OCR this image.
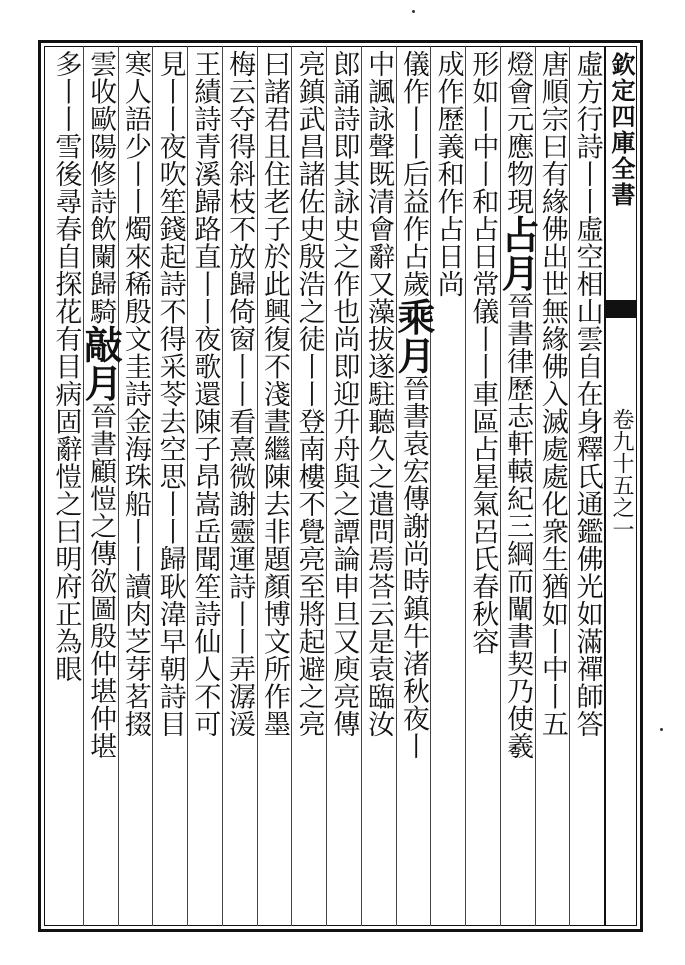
欽定四庫全書
卷九十五之一
虛方行詩丨丨虛空相山雲自在身釋氏通鑑佛光如滿禪師答
唐順宗曰有緣佛出世無緣佛入滅處處化衆生猶如丨中丨五
燈會元應物現占月晉書律歷志軒轅紀三綱而闡書契乃使羲
形如丨中丨和占日常儀丨丨車區占星氣呂氏春秋容
成作歷義和作占日尚
儀作丨丨后益作占歲乘月晉書袁宏傳謝尚時鎮牛渚秋夜丨
中諷詠聲既清會辭又藻拔遂駐聽久之遣問焉荅云是袁臨汝
郎誦詩即其詠史之作也尚即迎升舟與之譚論申旦又庾亮傳
亮鎮武昌諸佐史殷浩之徒丨丨登南樓不覺亮至將起避之亮
曰諸君且住老子於此興復不淺晝繼陳去非題顏博文所作墨
梅云夺得斜枝不放歸倚窗丨丨看熹微謝靈運詩丨丨弄潺湲
王績詩青溪歸路直丨丨夜歌還陳子昂嵩岳聞笙詩仙人不可
見丨丨夜吹笙錢起詩不得采苓去空思丨丨歸耿湋早朝詩目
寒人語少丨丨燭來稀殷文圭詩金海珠船丨丨讀肉芝芽茗掇
雲收歐陽修詩飲闌歸騎敲月晉書顧愷之傳欲圖殷仲堪仲堪
多丨丨雪後尋春自探花有目病固辭愷之曰明府正為眼
